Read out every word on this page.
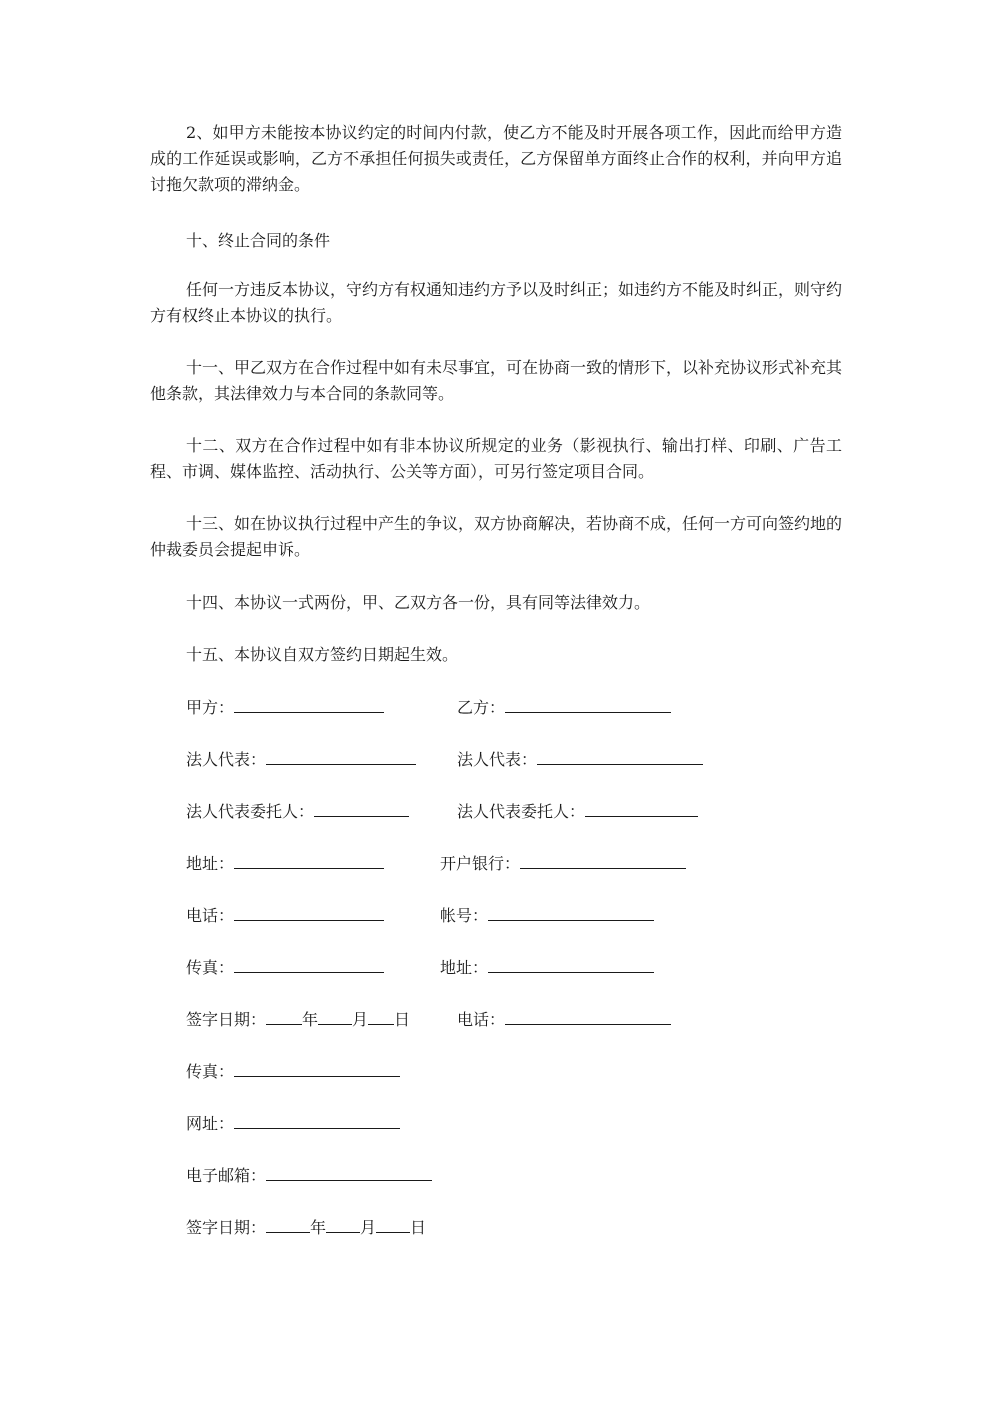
2、如甲方未能按本协议约定的时间内付款，使乙方不能及时开展各项工作，因此而给甲方造成的工作延误或影响，乙方不承担任何损失或责任，乙方保留单方面终止合作的权利，并向甲方追讨拖欠款项的滞纳金。

十、终止合同的条件

任何一方违反本协议，守约方有权通知违约方予以及时纠正；如违约方不能及时纠正，则守约方有权终止本协议的执行。

十一、甲乙双方在合作过程中如有未尽事宜，可在协商一致的情形下，以补充协议形式补充其他条款，其法律效力与本合同的条款同等。

十二、双方在合作过程中如有非本协议所规定的业务（影视执行、输出打样、印刷、广告工程、市调、媒体监控、活动执行、公关等方面），可另行签定项目合同。

十三、如在协议执行过程中产生的争议，双方协商解决，若协商不成，任何一方可向签约地的仲裁委员会提起申诉。

十四、本协议一式两份，甲、乙双方各一份，具有同等法律效力。

十五、本协议自双方签约日期起生效。

甲方：	乙方：
法人代表：	法人代表：
法人代表委托人：	法人代表委托人：
地址：	开户银行：
电话：	帐号：
传真：	地址：
签字日期： 年 月 日	电话：
传真：
网址：
电子邮箱：
签字日期：	年 月 日
